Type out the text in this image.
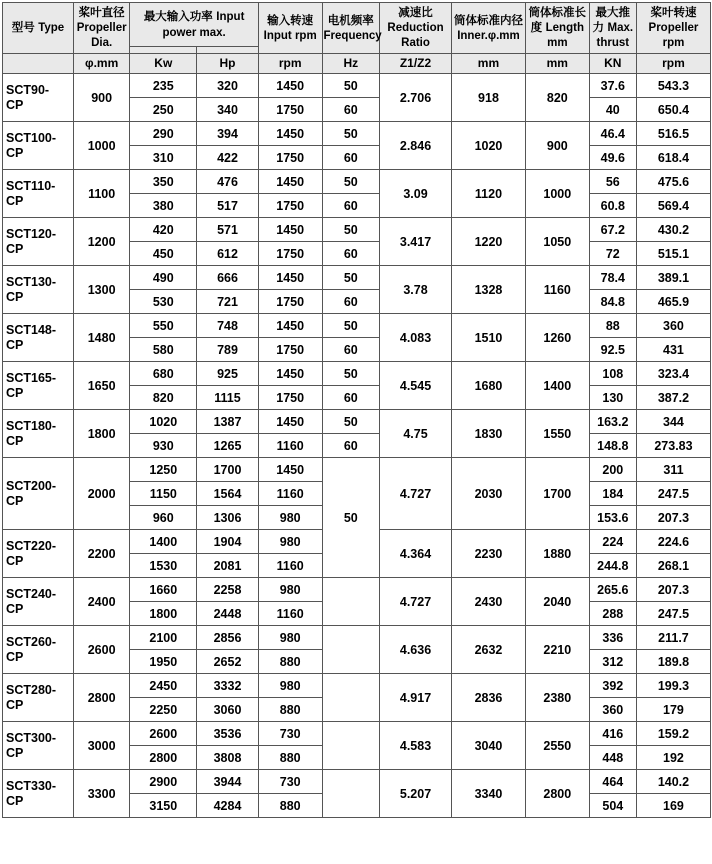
型号 Type	桨叶直径 Propeller Dia.	最大输入功率 Input power max.		输入转速 Input rpm	电机频率 Frequency	减速比 Reduction Ratio	筒体标准内径 Inner.φ.mm	筒体标准长度 Length mm	最大推力 Max. thrust	桨叶转速 Propeller rpm

	φ.mm	Kw	Hp	rpm	Hz	Z1/Z2	mm	mm	KN	rpm

SCT90-
CP	900	235	320	1450	50	2.706	918	820	37.6	543.3
		250	340	1750	60				40	650.4

SCT100-
CP	1000	290	394	1450	50	2.846	1020	900	46.4	516.5
		310	422	1750	60				49.6	618.4

SCT110-
CP	1100	350	476	1450	50	3.09	1120	1000	56	475.6
		380	517	1750	60				60.8	569.4

SCT120-
CP	1200	420	571	1450	50	3.417	1220	1050	67.2	430.2
		450	612	1750	60				72	515.1

SCT130-
CP	1300	490	666	1450	50	3.78	1328	1160	78.4	389.1
		530	721	1750	60				84.8	465.9

SCT148-
CP	1480	550	748	1450	50	4.083	1510	1260	88	360
		580	789	1750	60				92.5	431

SCT165-
CP	1650	680	925	1450	50	4.545	1680	1400	108	323.4
		820	1115	1750	60				130	387.2

SCT180-
CP	1800	1020	1387	1450	50	4.75	1830	1550	163.2	344
		930	1265	1160	60				148.8	273.83

SCT200-
CP	2000	1250	1700	1450	50	4.727	2030	1700	200	311
		1150	1564	1160					184	247.5
		960	1306	980					153.6	207.3

SCT220-
CP	2200	1400	1904	980		4.364	2230	1880	224	224.6
		1530	2081	1160					244.8	268.1

SCT240-
CP	2400	1660	2258	980		4.727	2430	2040	265.6	207.3
		1800	2448	1160					288	247.5

SCT260-
CP	2600	2100	2856	980		4.636	2632	2210	336	211.7
		1950	2652	880					312	189.8

SCT280-
CP	2800	2450	3332	980		4.917	2836	2380	392	199.3
		2250	3060	880					360	179

SCT300-
CP	3000	2600	3536	730		4.583	3040	2550	416	159.2
		2800	3808	880					448	192

SCT330-
CP	3300	2900	3944	730		5.207	3340	2800	464	140.2
		3150	4284	880					504	169
